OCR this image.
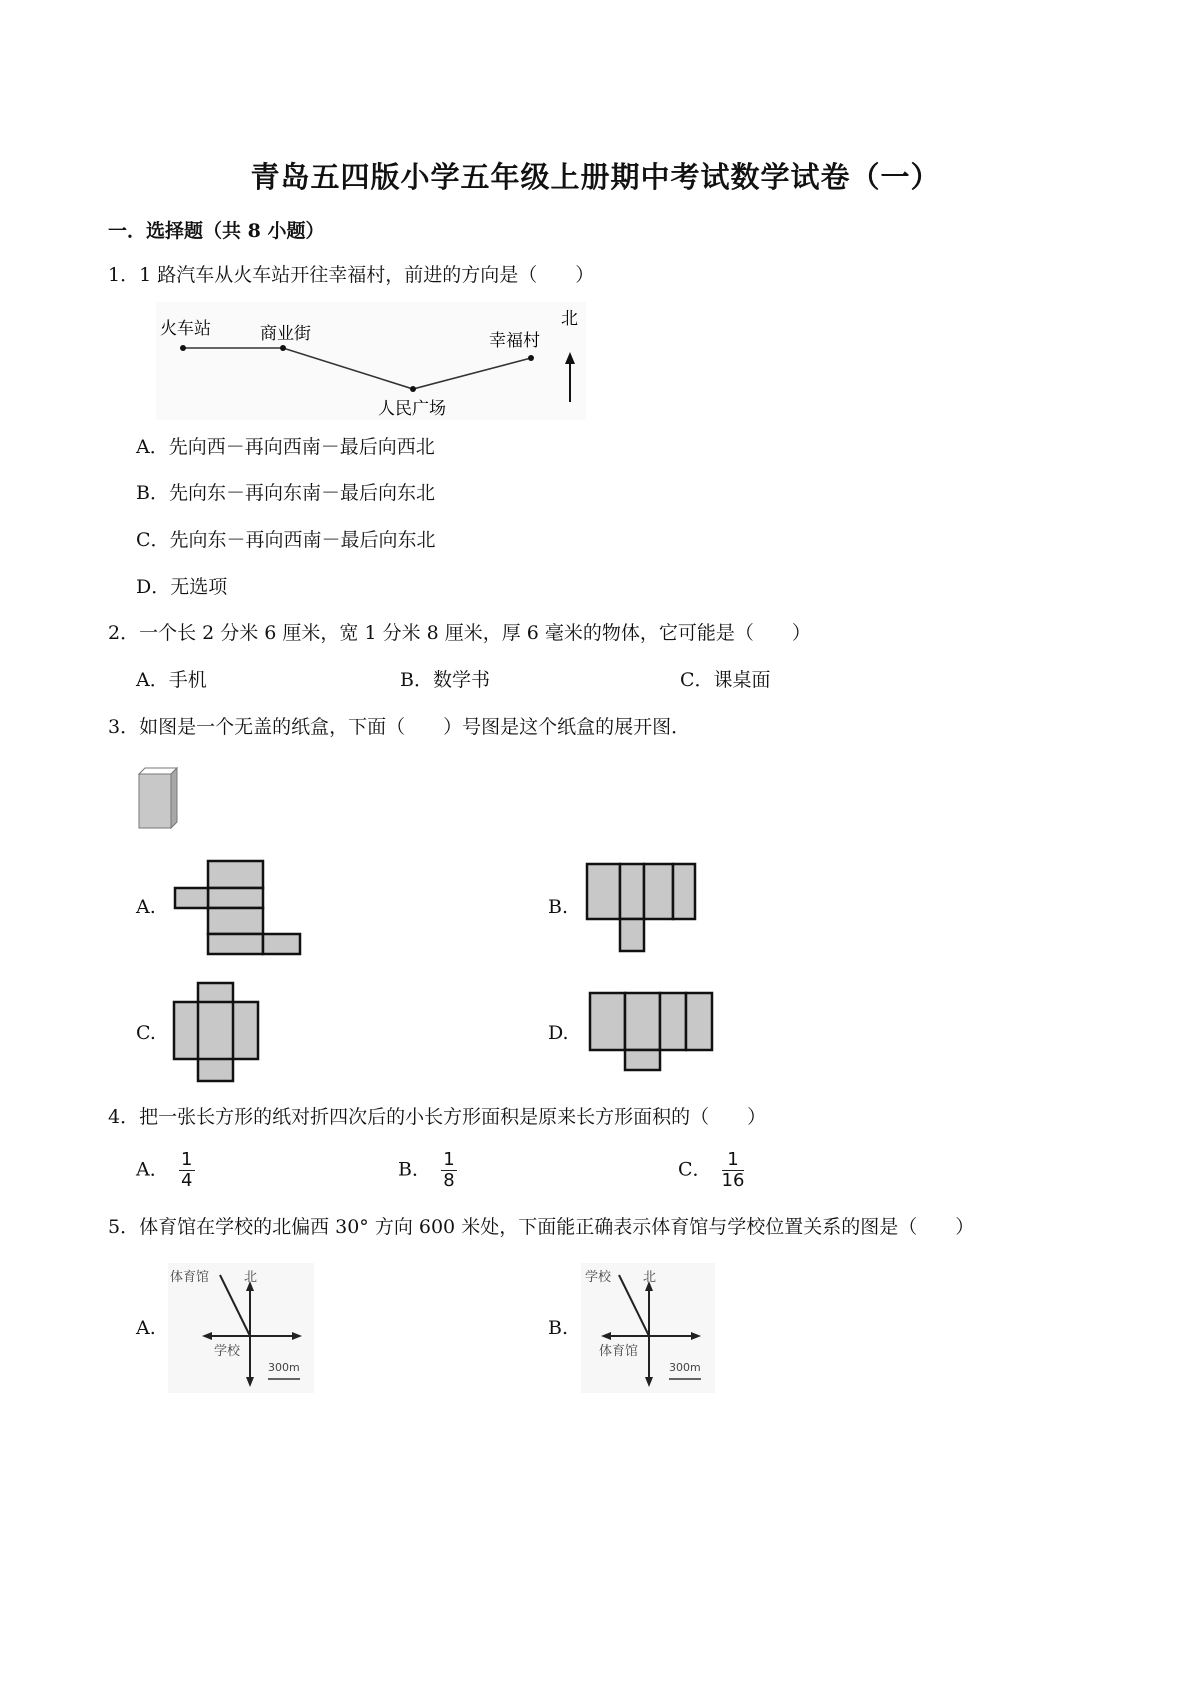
青岛五四版小学五年级上册期中考试数学试卷（一）
一．选择题（共 8 小题）
1．1 路汽车从火车站开往幸福村，前进的方向是（　　）
火车站	商业街
人民广场
幸福村
北
A．先向西－再向西南－最后向西北
B．先向东－再向东南－最后向东北
C．先向东－再向西南－最后向东北
D．无选项
2．一个长 2 分米 6 厘米，宽 1 分米 8 厘米，厚 6 毫米的物体，它可能是（　　）
A．手机	B．数学书	C．课桌面
3．如图是一个无盖的纸盒，下面（　　）号图是这个纸盒的展开图．
A.	B.
C.	D.
4．把一张长方形的纸对折四次后的小长方形面积是原来长方形面积的（　　）
A． $\frac{1}{4}$	B． $\frac{1}{8}$	C． $\frac{1}{16}$
5．体育馆在学校的北偏西 30° 方向 600 米处，下面能正确表示体育馆与学校位置关系的图是（　　）
A.
体育馆	北
学校
300m
B.
学校 北
体育馆
300m
